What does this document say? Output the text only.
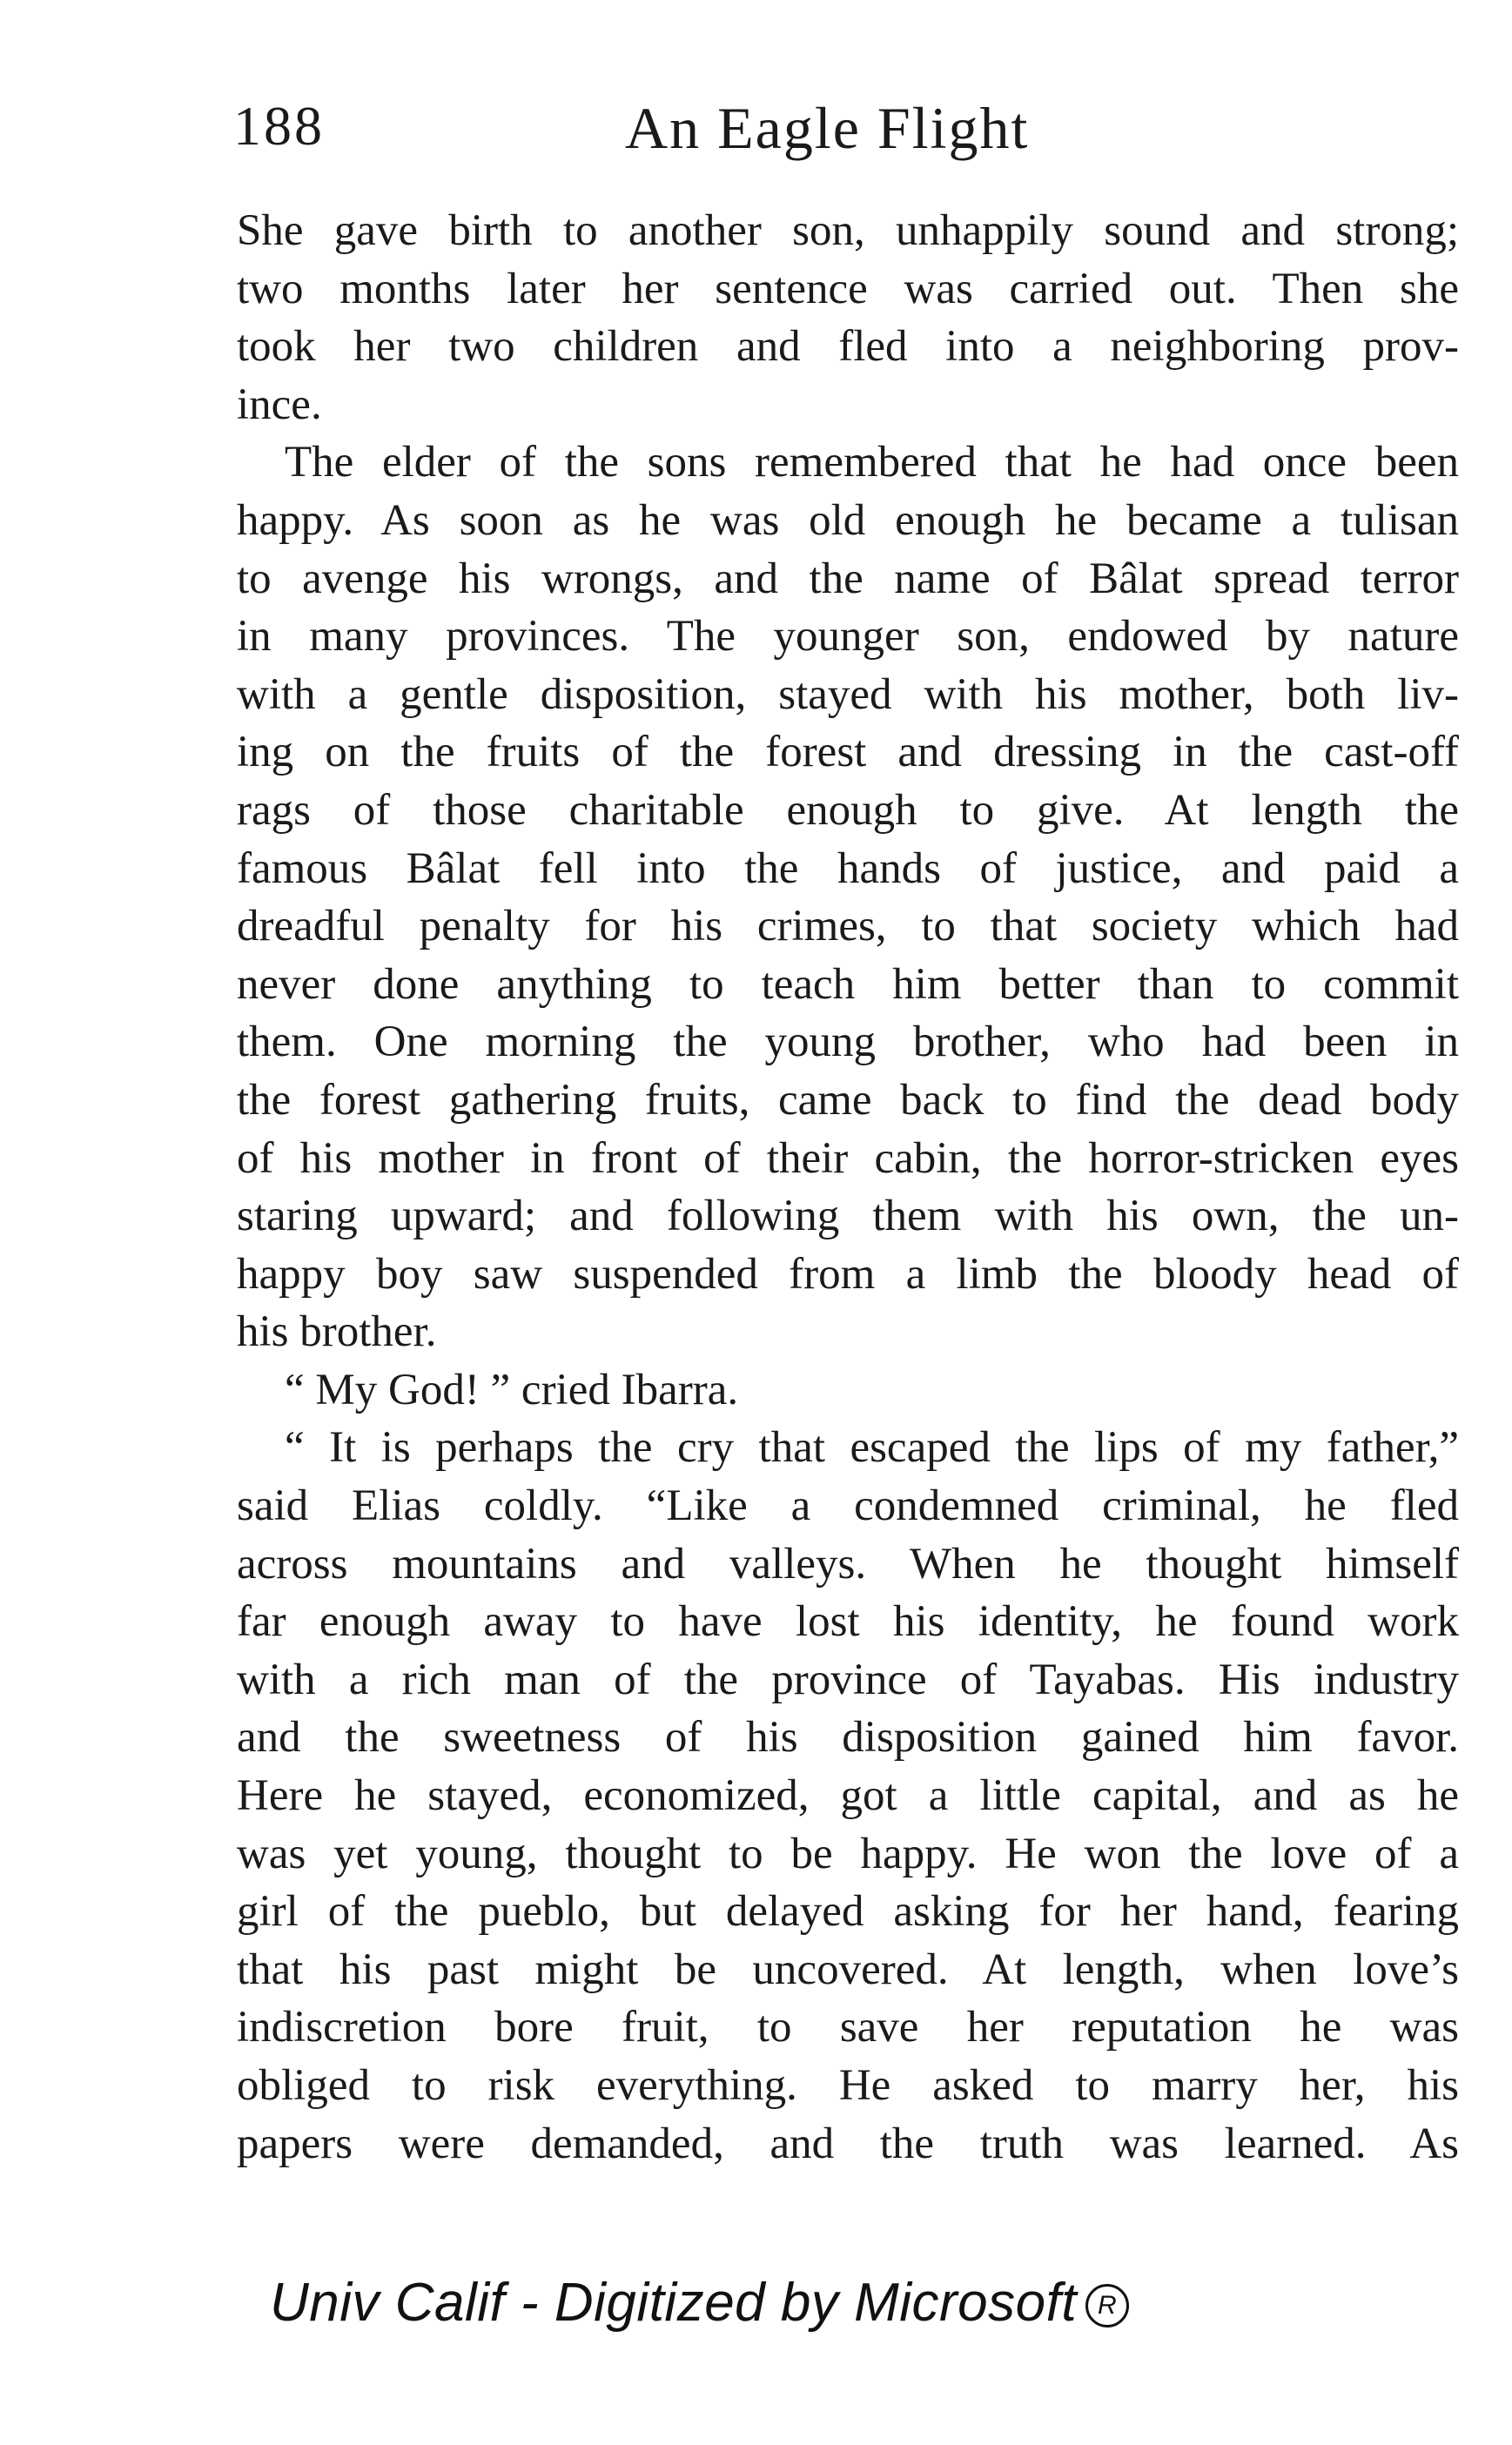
188	An Eagle Flight
She gave birth to another son, unhappily sound and strong;
two months later her sentence was carried out. Then she
took her two children and fled into a neighboring prov-
ince.
The elder of the sons remembered that he had once been
happy. As soon as he was old enough he became a tulisan
to avenge his wrongs, and the name of Bâlat spread terror
in many provinces. The younger son, endowed by nature
with a gentle disposition, stayed with his mother, both liv-
ing on the fruits of the forest and dressing in the cast-off
rags of those charitable enough to give. At length the
famous Bâlat fell into the hands of justice, and paid a
dreadful penalty for his crimes, to that society which had
never done anything to teach him better than to commit
them. One morning the young brother, who had been in
the forest gathering fruits, came back to find the dead body
of his mother in front of their cabin, the horror-stricken eyes
staring upward; and following them with his own, the un-
happy boy saw suspended from a limb the bloody head of
his brother.
“ My God! ” cried Ibarra.
“ It is perhaps the cry that escaped the lips of my father,”
said Elias coldly. “Like a condemned criminal, he fled
across mountains and valleys. When he thought himself
far enough away to have lost his identity, he found work
with a rich man of the province of Tayabas. His industry
and the sweetness of his disposition gained him favor.
Here he stayed, economized, got a little capital, and as he
was yet young, thought to be happy. He won the love of a
girl of the pueblo, but delayed asking for her hand, fearing
that his past might be uncovered. At length, when love’s
indiscretion bore fruit, to save her reputation he was
obliged to risk everything. He asked to marry her, his
papers were demanded, and the truth was learned. As
Univ Calif - Digitized by Microsoft R
